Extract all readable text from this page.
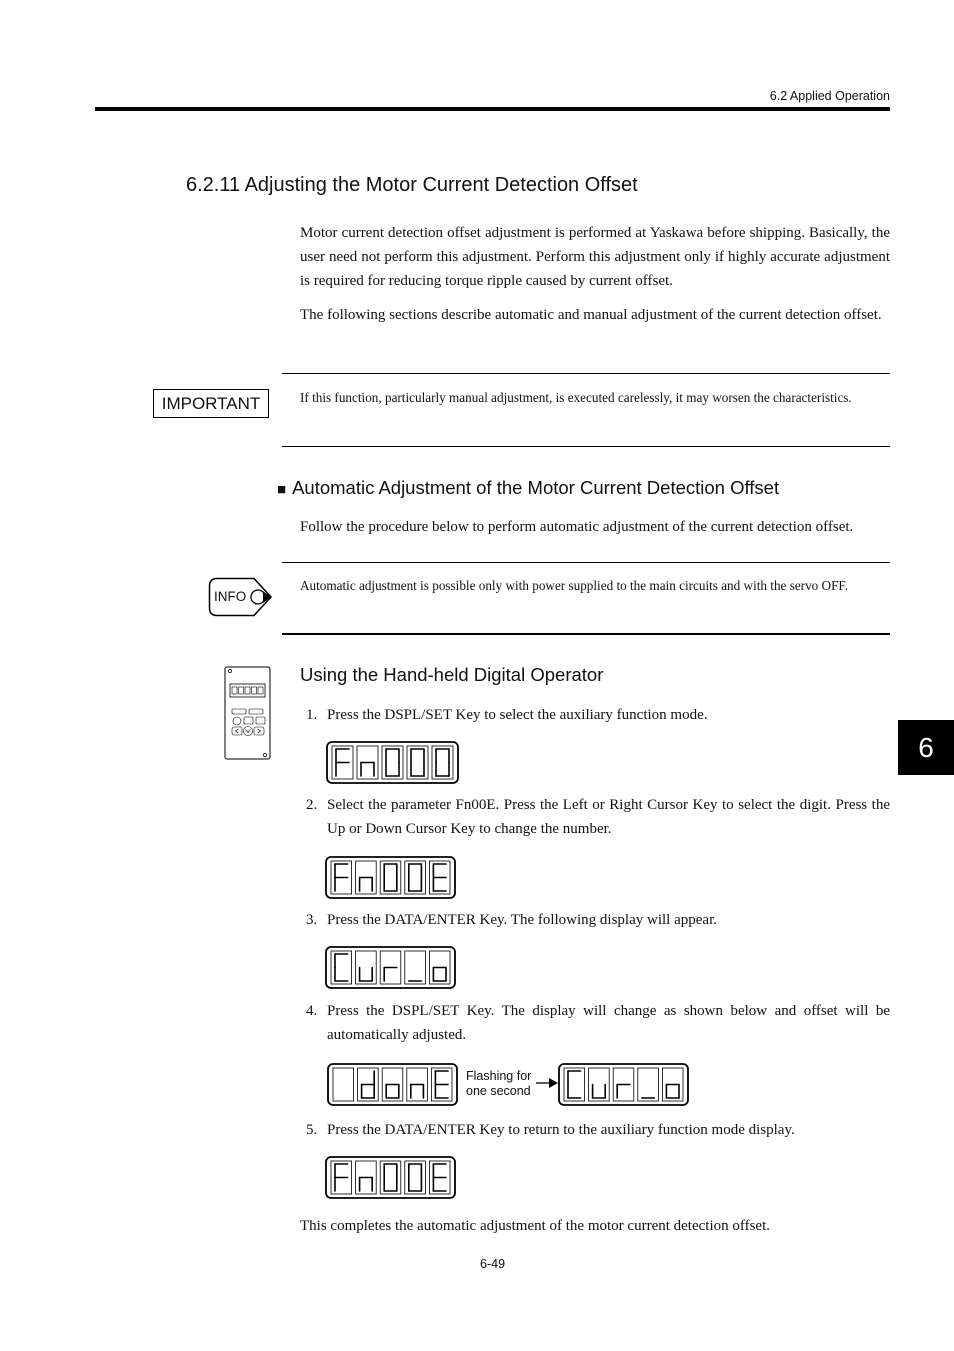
6.2 Applied Operation
6
6.2.11 Adjusting the Motor Current Detection Offset
Motor current detection offset adjustment is performed at Yaskawa before shipping. Basically, the user need not perform this adjustment. Perform this adjustment only if highly accurate adjustment is required for reducing torque ripple caused by current offset.
The following sections describe automatic and manual adjustment of the current detection offset.
IMPORTANT	If this function, particularly manual adjustment, is executed carelessly, it may worsen the characteristics.
■ Automatic Adjustment of the Motor Current Detection Offset
Follow the procedure below to perform automatic adjustment of the current detection offset.
INFO
Automatic adjustment is possible only with power supplied to the main circuits and with the servo OFF.
Using the Hand-held Digital Operator
1. Press the DSPL/SET Key to select the auxiliary function mode.
2. Select the parameter Fn00E. Press the Left or Right Cursor Key to select the digit. Press the Up or Down Cursor Key to change the number.
3. Press the DATA/ENTER Key. The following display will appear.
4. Press the DSPL/SET Key. The display will change as shown below and offset will be automatically adjusted.
Flashing for
one second
5. Press the DATA/ENTER Key to return to the auxiliary function mode display.
This completes the automatic adjustment of the motor current detection offset.
6-49
